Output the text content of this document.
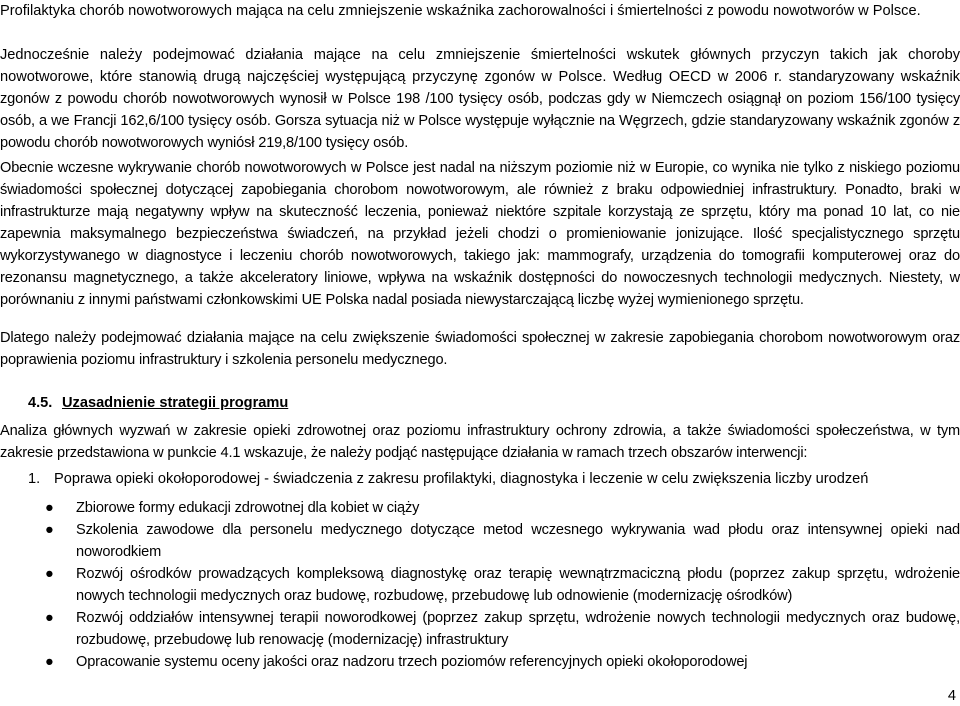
Profilaktyka chorób nowotworowych mająca na celu zmniejszenie wskaźnika zachorowalności i śmiertelności z powodu nowotworów w Polsce.
Jednocześnie należy podejmować działania mające na celu zmniejszenie śmiertelności wskutek głównych przyczyn takich jak choroby nowotworowe, które stanowią drugą najczęściej występującą przyczynę zgonów w Polsce. Według OECD w 2006 r. standaryzowany wskaźnik zgonów z powodu chorób nowotworowych wynosił w Polsce 198 /100 tysięcy osób, podczas gdy w Niemczech osiągnął on poziom 156/100 tysięcy osób, a we Francji 162,6/100 tysięcy osób. Gorsza sytuacja niż w Polsce występuje wyłącznie na Węgrzech, gdzie standaryzowany wskaźnik zgonów z powodu chorób nowotworowych wyniósł 219,8/100 tysięcy osób.
Obecnie wczesne wykrywanie chorób nowotworowych w Polsce jest nadal na niższym poziomie niż w Europie, co wynika nie tylko z niskiego poziomu świadomości społecznej dotyczącej zapobiegania chorobom nowotworowym, ale również z braku odpowiedniej infrastruktury. Ponadto, braki w infrastrukturze mają negatywny wpływ na skuteczność leczenia, ponieważ niektóre szpitale korzystają ze sprzętu, który ma ponad 10 lat, co nie zapewnia maksymalnego bezpieczeństwa świadczeń, na przykład jeżeli chodzi o promieniowanie jonizujące. Ilość specjalistycznego sprzętu wykorzystywanego w diagnostyce i leczeniu chorób nowotworowych, takiego jak: mammografy, urządzenia do tomografii komputerowej oraz do rezonansu magnetycznego, a także akceleratory liniowe, wpływa na wskaźnik dostępności do nowoczesnych technologii medycznych. Niestety, w porównaniu z innymi państwami członkowskimi UE Polska nadal posiada niewystarczającą liczbę wyżej wymienionego sprzętu.
Dlatego należy podejmować działania mające na celu zwiększenie świadomości społecznej w zakresie zapobiegania chorobom nowotworowym oraz poprawienia poziomu infrastruktury i szkolenia personelu medycznego.
4.5. Uzasadnienie strategii programu
Analiza głównych wyzwań w zakresie opieki zdrowotnej oraz poziomu infrastruktury ochrony zdrowia, a także świadomości społeczeństwa, w tym zakresie przedstawiona w punkcie 4.1 wskazuje, że należy podjąć następujące działania w ramach trzech obszarów interwencji:
1. Poprawa opieki okołoporodowej - świadczenia z zakresu profilaktyki, diagnostyka i leczenie w celu zwiększenia liczby urodzeń
● Zbiorowe formy edukacji zdrowotnej dla kobiet w ciąży
● Szkolenia zawodowe dla personelu medycznego dotyczące metod wczesnego wykrywania wad płodu oraz intensywnej opieki nad noworodkiem
● Rozwój ośrodków prowadzących kompleksową diagnostykę oraz terapię wewnątrzmaciczną płodu (poprzez zakup sprzętu, wdrożenie nowych technologii medycznych oraz budowę, rozbudowę, przebudowę lub odnowienie (modernizację ośrodków)
● Rozwój oddziałów intensywnej terapii noworodkowej (poprzez zakup sprzętu, wdrożenie nowych technologii medycznych oraz budowę, rozbudowę, przebudowę lub renowację (modernizację) infrastruktury
● Opracowanie systemu oceny jakości oraz nadzoru trzech poziomów referencyjnych opieki okołoporodowej
4
